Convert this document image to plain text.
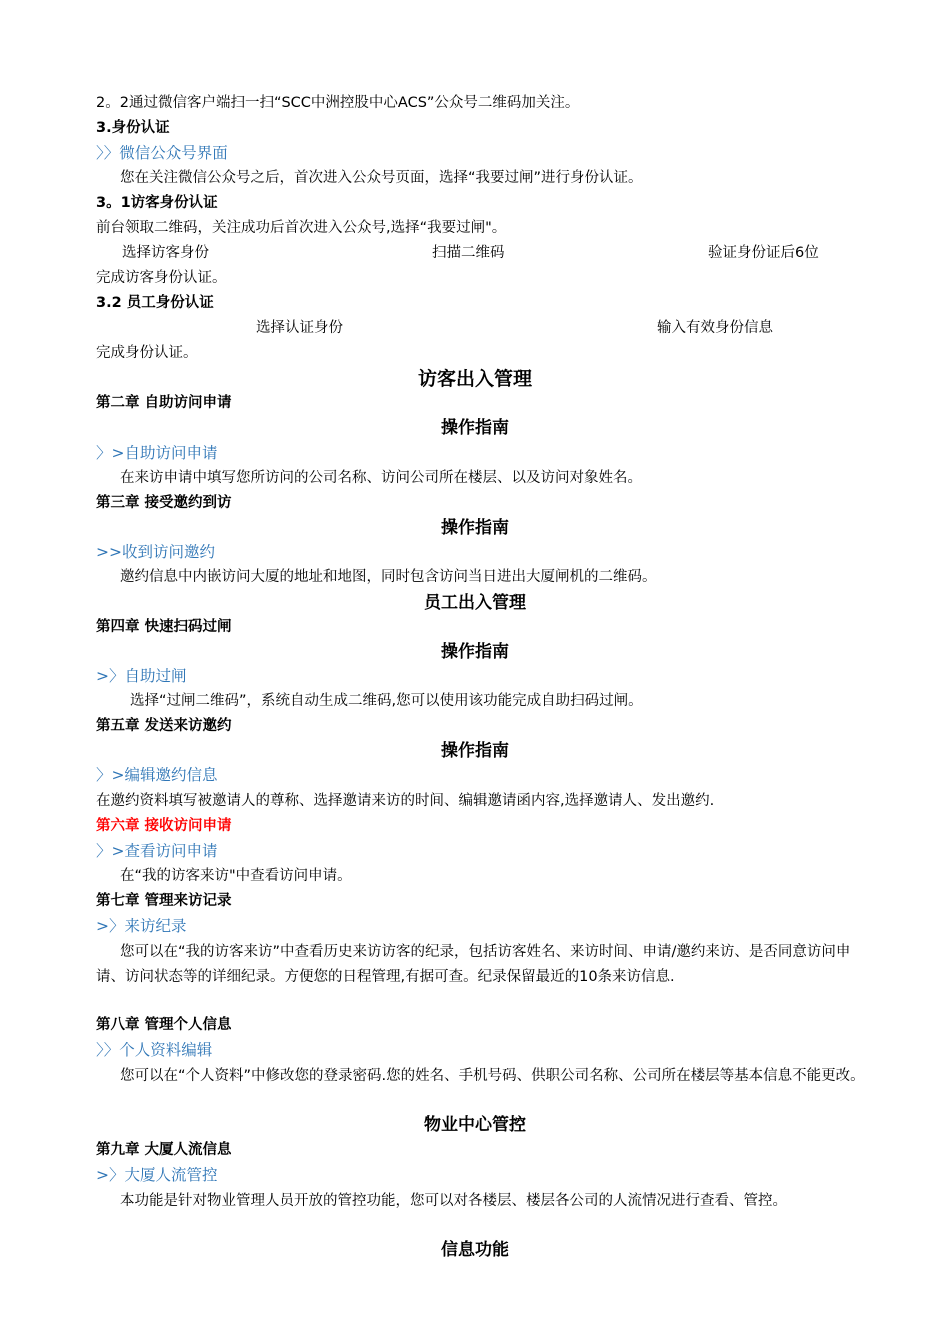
2。2通过微信客户端扫一扫“SCC中洲控股中心ACS”公众号二维码加关注。
3.身份认证
〉〉微信公众号界面
您在关注微信公众号之后，首次进入公众号页面，选择“我要过闸”进行身份认证。
3。1访客身份认证
前台领取二维码，关注成功后首次进入公众号,选择“我要过闸"。
选择访客身份	扫描二维码	验证身份证后6位
完成访客身份认证。
3.2 员工身份认证
选择认证身份	输入有效身份信息
完成身份认证。
访客出入管理
第二章 自助访问申请
操作指南
〉>自助访问申请
在来访申请中填写您所访问的公司名称、访问公司所在楼层、以及访问对象姓名。
第三章 接受邀约到访
操作指南
>>收到访问邀约
邀约信息中内嵌访问大厦的地址和地图，同时包含访问当日进出大厦闸机的二维码。
员工出入管理
第四章 快速扫码过闸
操作指南
>〉自助过闸
选择“过闸二维码”，系统自动生成二维码,您可以使用该功能完成自助扫码过闸。
第五章 发送来访邀约
操作指南
〉>编辑邀约信息
在邀约资料填写被邀请人的尊称、选择邀请来访的时间、编辑邀请函内容,选择邀请人、发出邀约.
第六章 接收访问申请
〉>查看访问申请
在“我的访客来访"中查看访问申请。
第七章 管理来访记录
>〉来访纪录
您可以在“我的访客来访”中查看历史来访访客的纪录，包括访客姓名、来访时间、申请/邀约来访、是否同意访问申请、访问状态等的详细纪录。方便您的日程管理,有据可查。纪录保留最近的10条来访信息.
第八章 管理个人信息
〉〉个人资料编辑
您可以在“个人资料”中修改您的登录密码.您的姓名、手机号码、供职公司名称、公司所在楼层等基本信息不能更改。
物业中心管控
第九章 大厦人流信息
>〉大厦人流管控
本功能是针对物业管理人员开放的管控功能，您可以对各楼层、楼层各公司的人流情况进行查看、管控。
信息功能
